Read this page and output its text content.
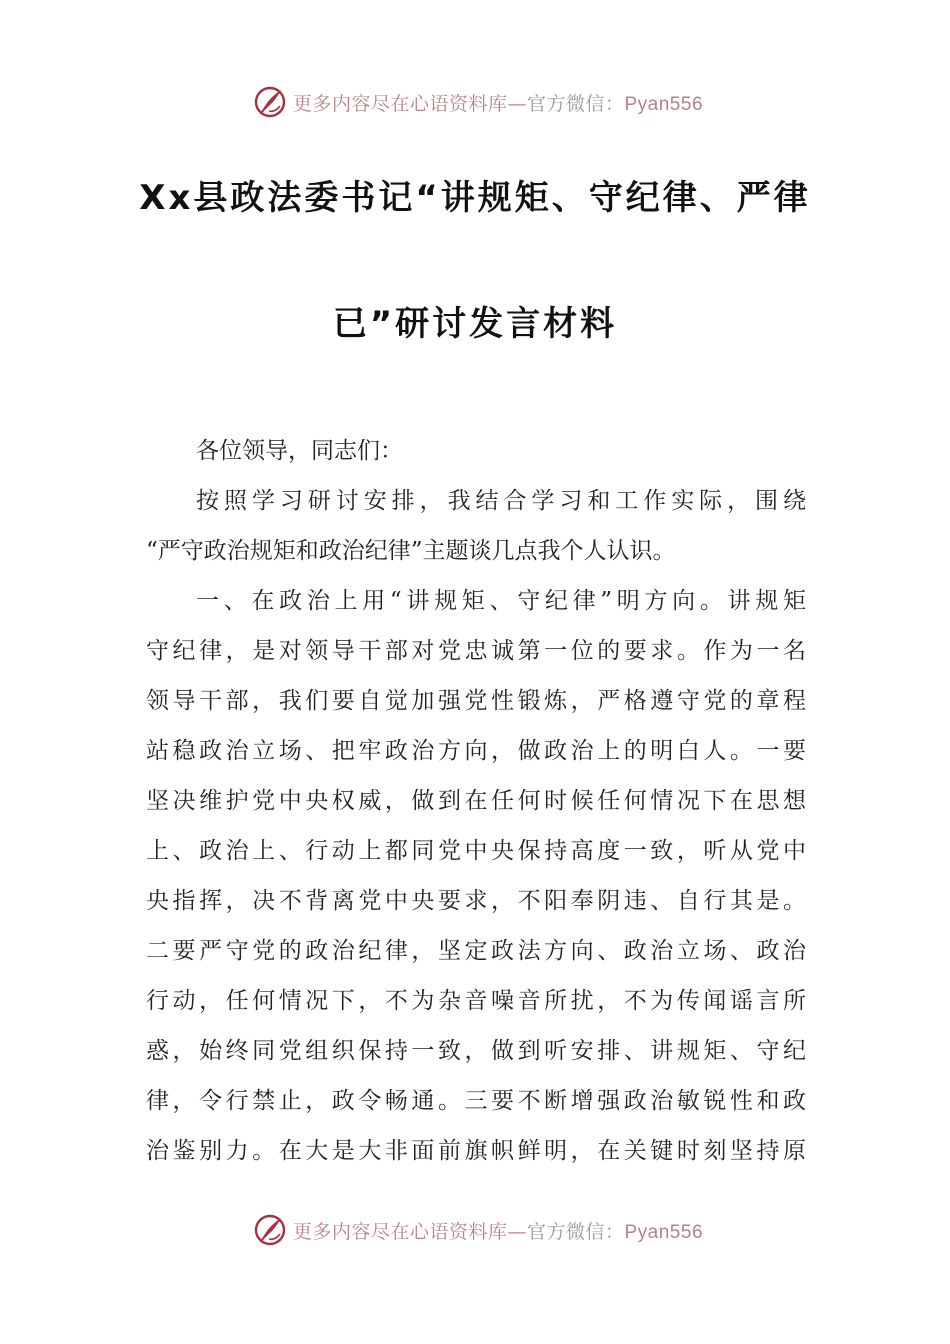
更多内容尽在心语资料库—官方微信：Pyan556
Xx县政法委书记“讲规矩、守纪律、严律
已”研讨发言材料
各位领导，同志们：
按照学习研讨安排，我结合学习和工作实际，围绕
“严守政治规矩和政治纪律”主题谈几点我个人认识。
一、在政治上用“讲规矩、守纪律”明方向。讲规矩
守纪律，是对领导干部对党忠诚第一位的要求。作为一名
领导干部，我们要自觉加强党性锻炼，严格遵守党的章程
站稳政治立场、把牢政治方向，做政治上的明白人。一要
坚决维护党中央权威，做到在任何时候任何情况下在思想
上、政治上、行动上都同党中央保持高度一致，听从党中
央指挥，决不背离党中央要求，不阳奉阴违、自行其是。
二要严守党的政治纪律，坚定政法方向、政治立场、政治
行动，任何情况下，不为杂音噪音所扰，不为传闻谣言所
惑，始终同党组织保持一致，做到听安排、讲规矩、守纪
律，令行禁止，政令畅通。三要不断增强政治敏锐性和政
治鉴别力。在大是大非面前旗帜鲜明，在关键时刻坚持原
更多内容尽在心语资料库—官方微信：Pyan556
